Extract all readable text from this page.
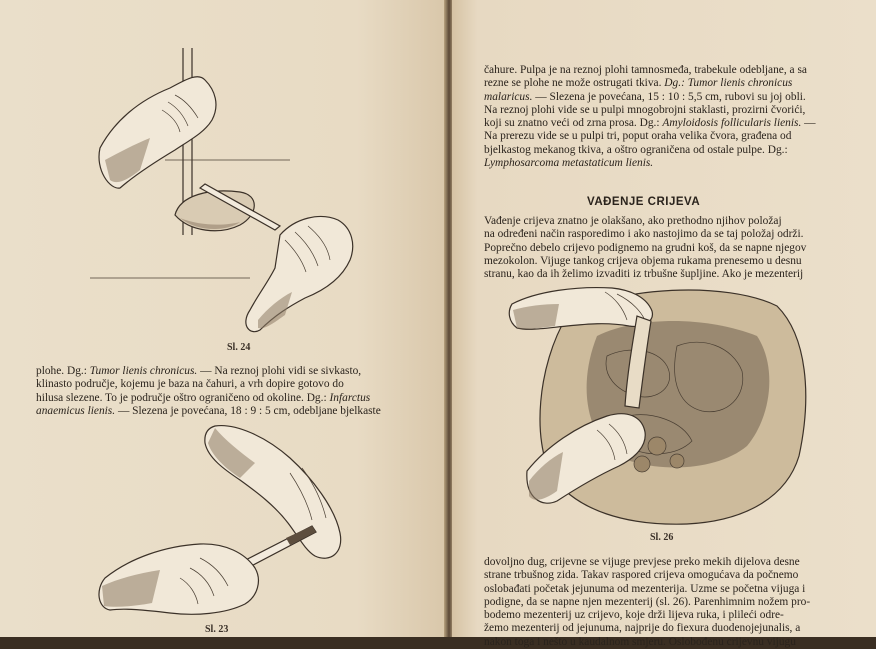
Sl. 24

plohe. Dg.: Tumor lienis chronicus. — Na reznoj plohi vidi se sivkasto,
klinasto područje, kojemu je baza na čahuri, a vrh dopire gotovo do
hilusa slezene. To je područje oštro ograničeno od okoline. Dg.: Infarctus
anaemicus lienis. — Slezena je povećana, 18 : 9 : 5 cm, odebljane bjelkaste

Sl. 23

čahure. Pulpa je na reznoj plohi tamnosmeđa, trabekule odebljane, a sa
rezne se plohe ne može ostrugati tkiva. Dg.: Tumor lienis chronicus
malaricus. — Slezena je povećana, 15 : 10 : 5,5 cm, rubovi su joj obli.
Na reznoj plohi vide se u pulpi mnogobrojni staklasti, prozirni čvorići,
koji su znatno veći od zrna prosa. Dg.: Amyloidosis follicularis lienis. —
Na prerezu vide se u pulpi tri, poput oraha velika čvora, građena od
bjelkastog mekanog tkiva, a oštro ograničena od ostale pulpe. Dg.:
Lymphosarcoma metastaticum lienis.

VAĐENJE CRIJEVA

Vađenje crijeva znatno je olakšano, ako prethodno njihov položaj
na određeni način rasporedimo i ako nastojimo da se taj položaj održi.
Poprečno debelo crijevo podignemo na grudni koš, da se napne njegov
mezokolon. Vijuge tankog crijeva objema rukama prenesemo u desnu
stranu, kao da ih želimo izvaditi iz trbušne šupljine. Ako je mezenterij

Sl. 26

dovoljno dug, crijevne se vijuge prevjese preko mekih dijelova desne
strane trbušnog zida. Takav raspored crijeva omogućava da počnemo
oslobađati početak jejunuma od mezenterija. Uzme se početna vijuga i
podigne, da se napne njen mezenterij (sl. 26). Parenhimnim nožem pro-
bodemo mezenterij uz crijevo, koje drži lijeva ruka, i plileći odre-
žemo mezenterij od jejunuma, najprije do fiexura duodenojejunalis, a
nakon toga i nešto u kaudalnom smjeru. Oslobođenu crijevnu vijugu
